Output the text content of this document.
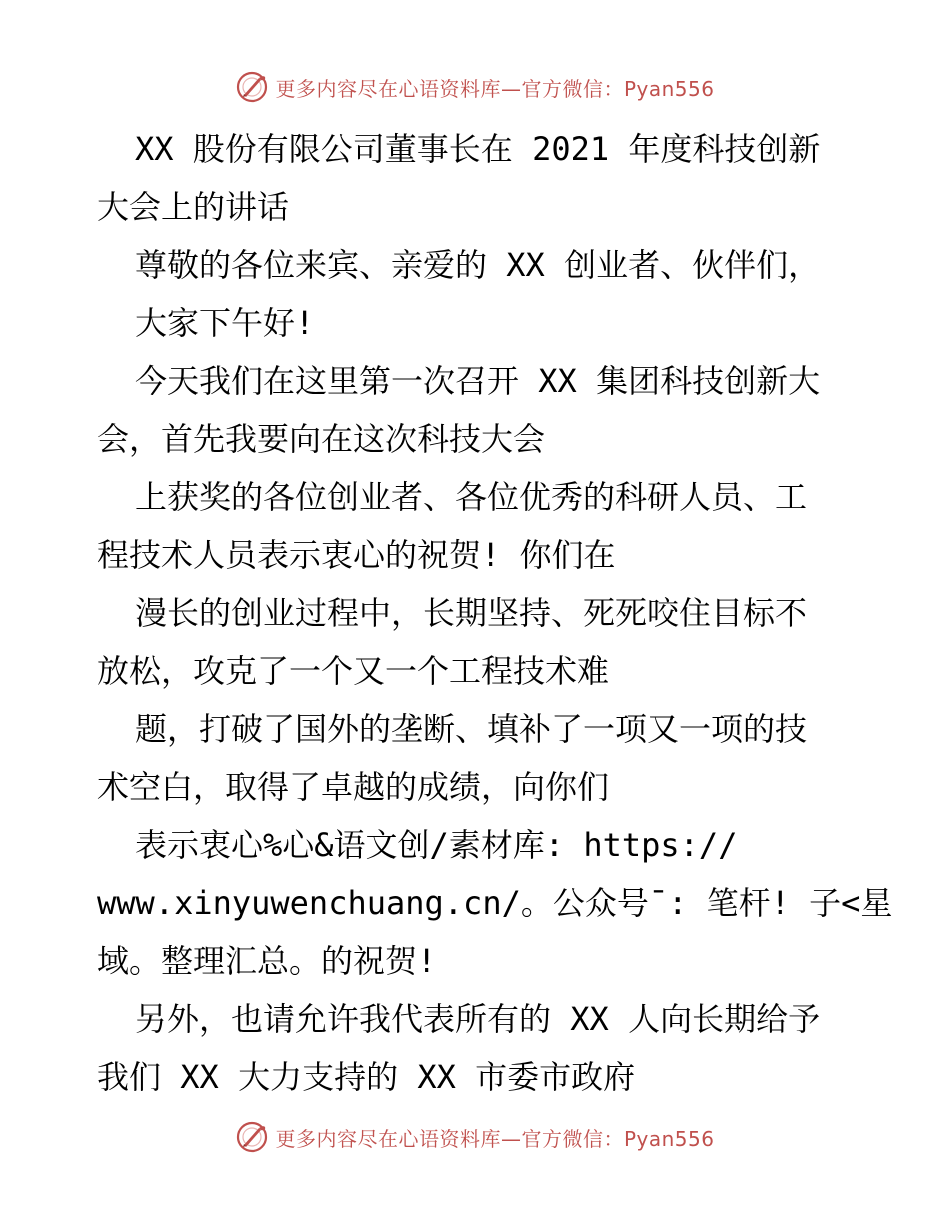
更多内容尽在心语资料库—官方微信：Pyan556
XX 股份有限公司董事长在 2021 年度科技创新
大会上的讲话
尊敬的各位来宾、亲爱的 XX 创业者、伙伴们，
大家下午好!
今天我们在这里第一次召开 XX 集团科技创新大
会，首先我要向在这次科技大会
上获奖的各位创业者、各位优秀的科研人员、工
程技术人员表示衷心的祝贺! 你们在
漫长的创业过程中，长期坚持、死死咬住目标不
放松，攻克了一个又一个工程技术难
题，打破了国外的垄断、填补了一项又一项的技
术空白，取得了卓越的成绩，向你们
表示衷心%心&语文创/素材库: https://
www.xinyuwenchuang.cn/。公众号¯: 笔杆! 子<星
域。整理汇总。的祝贺!
另外，也请允许我代表所有的 XX 人向长期给予
我们 XX 大力支持的 XX 市委市政府
更多内容尽在心语资料库—官方微信：Pyan556
